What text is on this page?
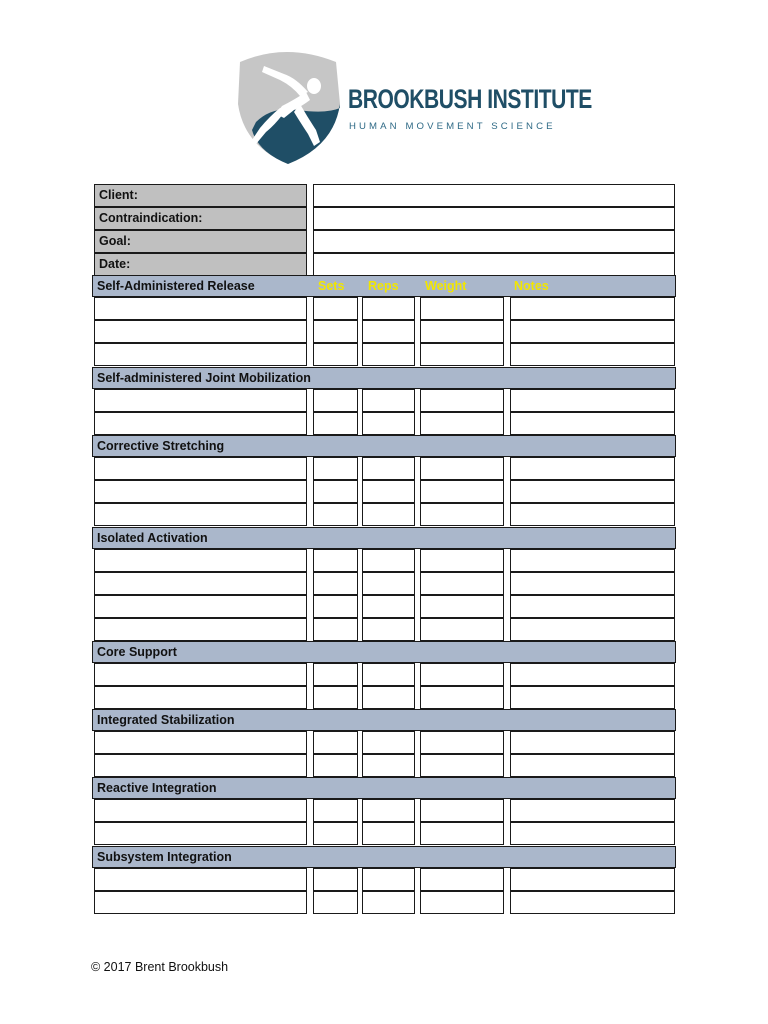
BROOKBUSH INSTITUTE
HUMAN MOVEMENT SCIENCE
Client:
Contraindication:
Goal:
Date:
Self-Administered Release	Sets Reps Weight	Notes
Self-administered Joint Mobilization
Corrective Stretching
Isolated Activation
Core Support
Integrated Stabilization
Reactive Integration
Subsystem Integration
© 2017 Brent Brookbush
